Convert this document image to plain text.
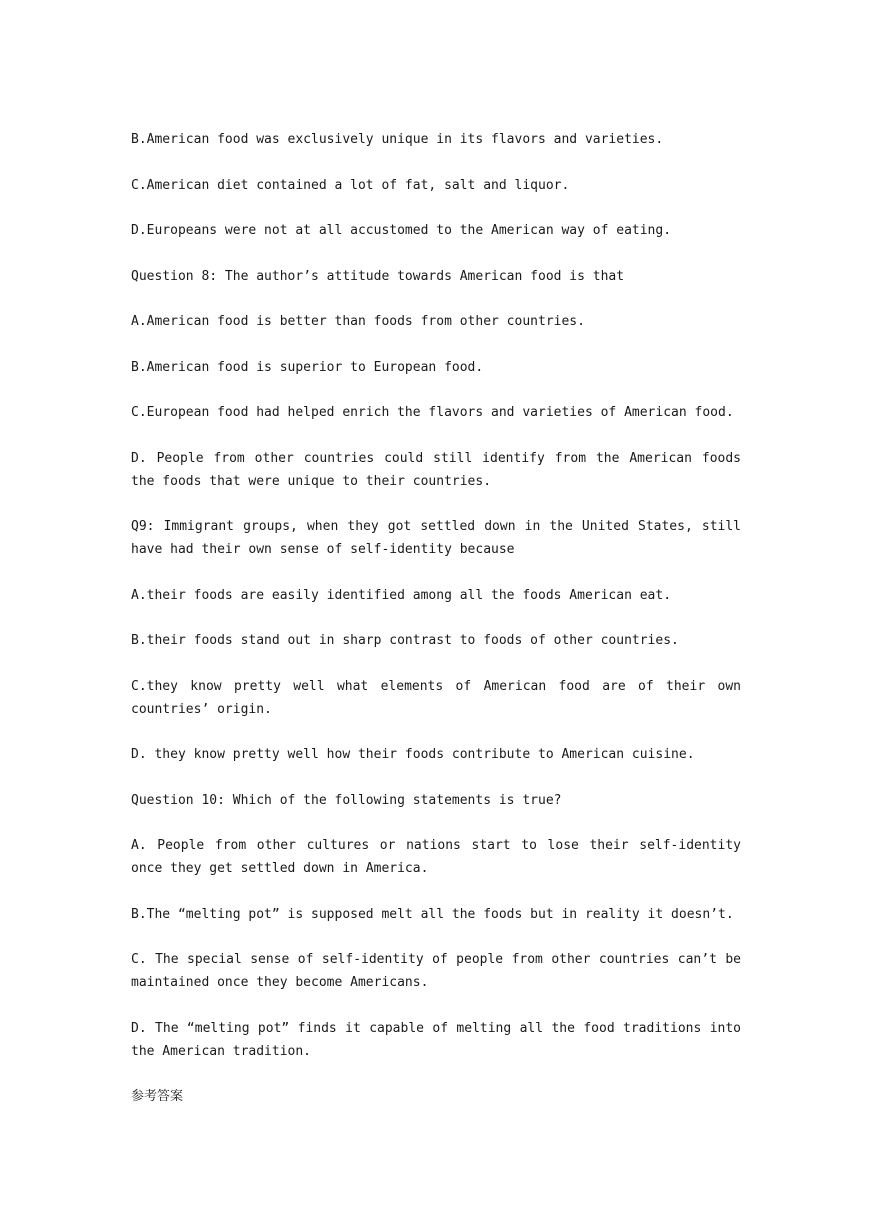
B.American food was exclusively unique in its flavors and varieties.

C.American diet contained a lot of fat, salt and liquor.

D.Europeans were not at all accustomed to the American way of eating.

Question 8: The author’s attitude towards American food is that

A.American food is better than foods from other countries.

B.American food is superior to European food.

C.European food had helped enrich the flavors and varieties of American food.

D. People from other countries could still identify from the American foods the foods that were unique to their countries.

Q9: Immigrant groups, when they got settled down in the United States, still have had their own sense of self-identity because

A.their foods are easily identified among all the foods American eat.

B.their foods stand out in sharp contrast to foods of other countries.

C.they know pretty well what elements of American food are of their own countries’ origin.

D. they know pretty well how their foods contribute to American cuisine.

Question 10: Which of the following statements is true?

A. People from other cultures or nations start to lose their self-identity once they get settled down in America.

B.The “melting pot” is supposed melt all the foods but in reality it doesn’t.

C. The special sense of self-identity of people from other countries can’t be maintained once they become Americans.

D. The “melting pot” finds it capable of melting all the food traditions into the American tradition.

参考答案
